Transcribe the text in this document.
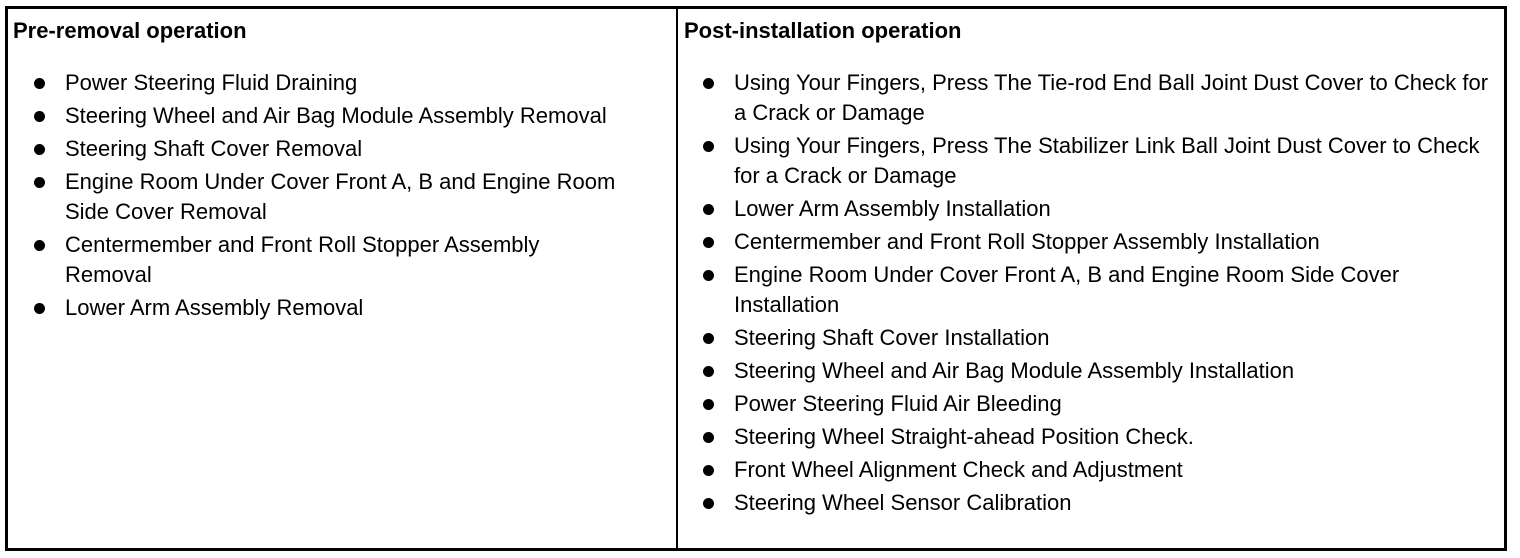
Pre-removal operation
Power Steering Fluid Draining
Steering Wheel and Air Bag Module Assembly Removal
Steering Shaft Cover Removal
Engine Room Under Cover Front A, B and Engine Room Side Cover Removal
Centermember and Front Roll Stopper Assembly Removal
Lower Arm Assembly Removal
Post-installation operation
Using Your Fingers, Press The Tie-rod End Ball Joint Dust Cover to Check for a Crack or Damage
Using Your Fingers, Press The Stabilizer Link Ball Joint Dust Cover to Check for a Crack or Damage
Lower Arm Assembly Installation
Centermember and Front Roll Stopper Assembly Installation
Engine Room Under Cover Front A, B and Engine Room Side Cover Installation
Steering Shaft Cover Installation
Steering Wheel and Air Bag Module Assembly Installation
Power Steering Fluid Air Bleeding
Steering Wheel Straight-ahead Position Check.
Front Wheel Alignment Check and Adjustment
Steering Wheel Sensor Calibration
